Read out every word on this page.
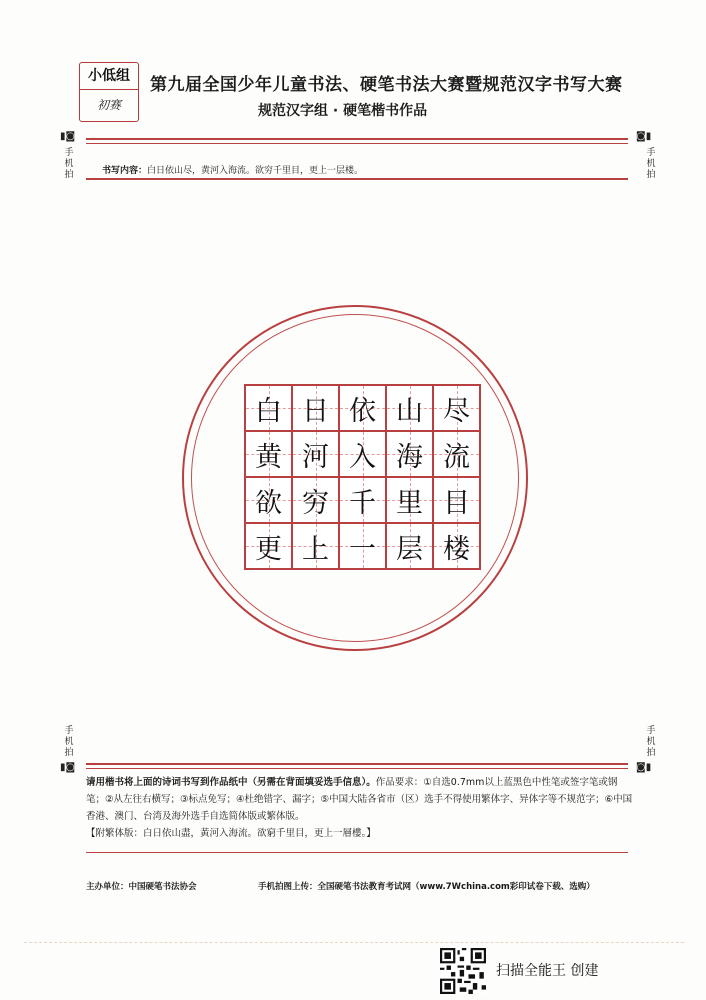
小低组
初赛
第九届全国少年儿童书法、硬笔书法大赛暨规范汉字书写大赛
规范汉字组 · 硬笔楷书作品
▮◙	◙▮
手
机
拍
手
机
拍
书写内容：白日依山尽，黄河入海流。欲穷千里目，更上一层楼。
白 日 依 山 尽
黄 河 入 海 流
欲 穷 千 里 目
更 上 一 层 楼
手
机
拍
手
机
拍
▮◙	◙▮
请用楷书将上面的诗词书写到作品纸中（另需在背面填妥选手信息）。作品要求：①自选0.7mm以上蓝黑色中性笔或签字笔或钢笔；②从左往右横写；③标点免写；④杜绝错字、漏字；⑤中国大陆各省市（区）选手不得使用繁体字、异体字等不规范字；⑥中国香港、澳门、台湾及海外选手自选简体版或繁体版。
【附繁体版：白日依山盡，黃河入海流。欲窮千里目，更上一層樓。】
主办单位：中国硬笔书法协会	手机拍图上传：全国硬笔书法教育考试网（www.7Wchina.com彩印试卷下载、选购）
扫描全能王 创建
